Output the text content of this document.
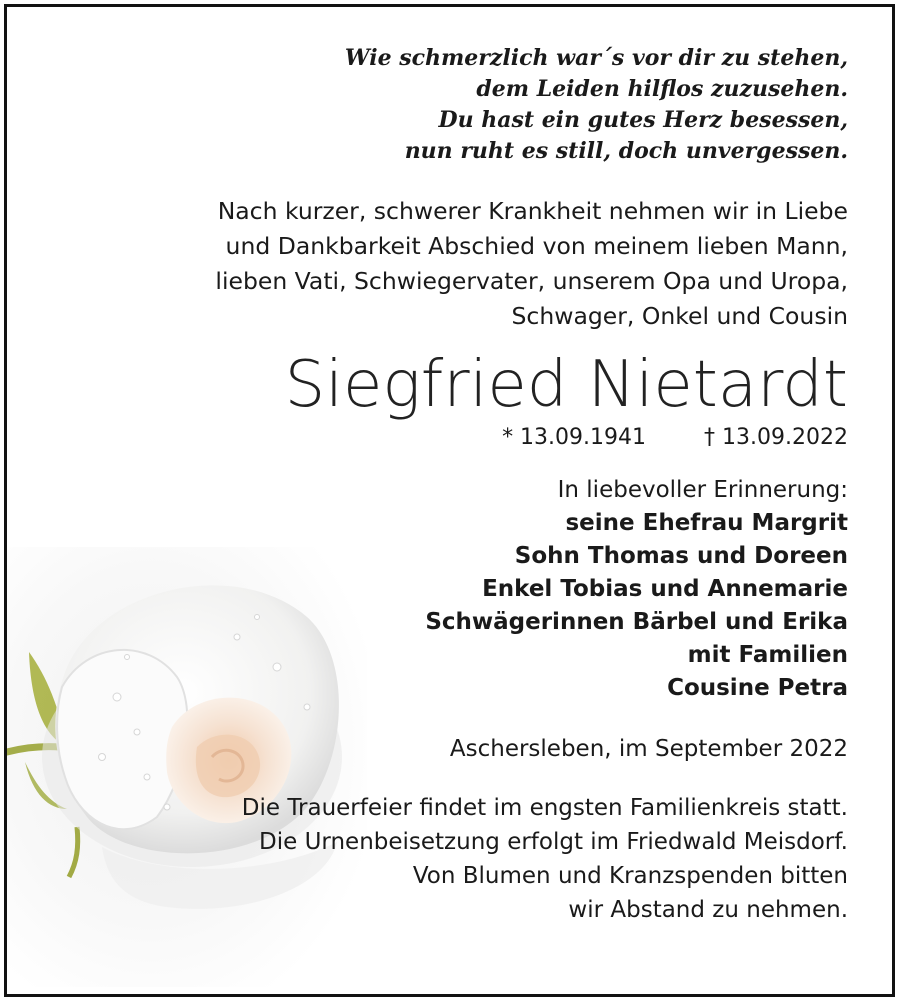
Wie schmerzlich war´s vor dir zu stehen,
dem Leiden hilflos zuzusehen.
Du hast ein gutes Herz besessen,
nun ruht es still, doch unvergessen.
Nach kurzer, schwerer Krankheit nehmen wir in Liebe
und Dankbarkeit Abschied von meinem lieben Mann,
lieben Vati, Schwiegervater, unserem Opa und Uropa,
Schwager, Onkel und Cousin
Siegfried Nietardt
* 13.09.1941	† 13.09.2022
In liebevoller Erinnerung:
seine Ehefrau Margrit
Sohn Thomas und Doreen
Enkel Tobias und Annemarie
Schwägerinnen Bärbel und Erika
mit Familien
Cousine Petra
Aschersleben, im September 2022
Die Trauerfeier findet im engsten Familienkreis statt.
Die Urnenbeisetzung erfolgt im Friedwald Meisdorf.
Von Blumen und Kranzspenden bitten
wir Abstand zu nehmen.
